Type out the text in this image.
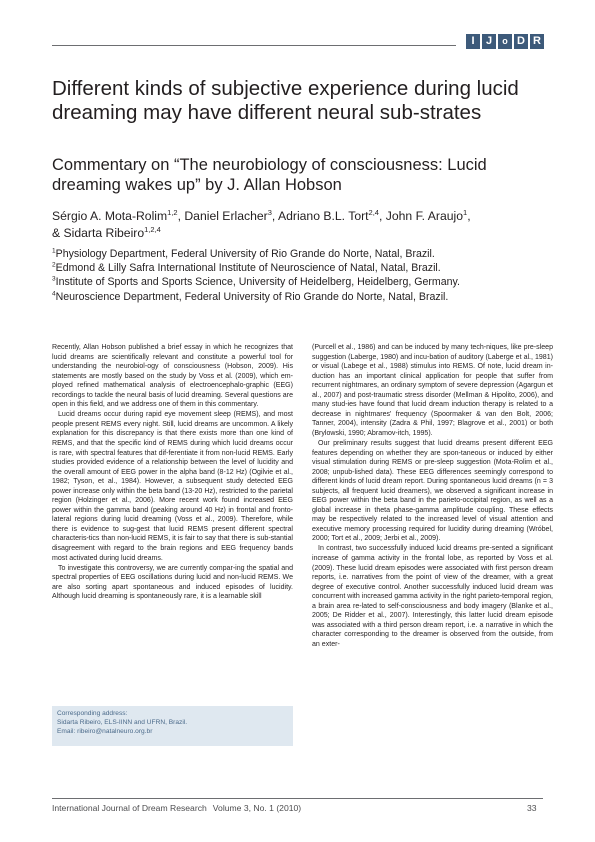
I	J	o D R
Different kinds of subjective experience during lucid dreaming may have different neural sub-strates
Commentary on “The neurobiology of consciousness: Lucid dreaming wakes up” by J. Allan Hobson

Sérgio A. Mota-Rolim$^{1,2}$, Daniel Erlacher$^3$, Adriano B.L. Tort$^{2,4}$, John F. Araujo$^1$,
& Sidarta Ribeiro$^{1,2,4}$

$^1$Physiology Department, Federal University of Rio Grande do Norte, Natal, Brazil.
$^2$Edmond & Lilly Safra International Institute of Neuroscience of Natal, Natal, Brazil.
$^3$Institute of Sports and Sports Science, University of Heidelberg, Heidelberg, Germany.
$^4$Neuroscience Department, Federal University of Rio Grande do Norte, Natal, Brazil.

Recently, Allan Hobson published a brief essay in which he recognizes that lucid dreams are scientifically relevant and constitute a powerful tool for understanding the neurobiol-ogy of consciousness (Hobson, 2009). His statements are mostly based on the study by Voss et al. (2009), which em-ployed refined mathematical analysis of electroencephalo-graphic (EEG) recordings to tackle the neural basis of lucid dreaming. Several questions are open in this field, and we address one of them in this commentary.

Lucid dreams occur during rapid eye movement sleep (REMS), and most people present REMS every night. Still, lucid dreams are uncommon. A likely explanation for this discrepancy is that there exists more than one kind of REMS, and that the specific kind of REMS during which lucid dreams occur is rare, with spectral features that dif-ferentiate it from non-lucid REMS. Early studies provided evidence of a relationship between the level of lucidity and the overall amount of EEG power in the alpha band (8-12 Hz) (Ogilvie et al., 1982; Tyson, et al., 1984). However, a subsequent study detected EEG power increase only within the beta band (13-20 Hz), restricted to the parietal region (Holzinger et al., 2006). More recent work found increased EEG power within the gamma band (peaking around 40 Hz) in frontal and fronto-lateral regions during lucid dreaming (Voss et al., 2009). Therefore, while there is evidence to sug-gest that lucid REMS present different spectral characteris-tics than non-lucid REMS, it is fair to say that there is sub-stantial disagreement with regard to the brain regions and EEG frequency bands most activated during lucid dreams.

To investigate this controversy, we are currently compar-ing the spatial and spectral properties of EEG oscillations during lucid and non-lucid REMS. We are also sorting apart spontaneous and induced episodes of lucidity. Although lucid dreaming is spontaneously rare, it is a learnable skill

Corresponding address:
Sidarta Ribeiro, ELS-IINN and UFRN, Brazil.
Email: ribeiro@natalneuro.org.br

(Purcell et al., 1986) and can be induced by many tech-niques, like pre-sleep suggestion (Laberge, 1980) and incu-bation of auditory (Laberge et al., 1981) or visual (Labege et al., 1988) stimulus into REMS. Of note, lucid dream in-duction has an important clinical application for people that suffer from recurrent nightmares, an ordinary symptom of severe depression (Agargun et al., 2007) and post-traumatic stress disorder (Mellman & Hipolito, 2006), and many stud-ies have found that lucid dream induction therapy is related to a decrease in nightmares' frequency (Spoormaker & van den Bolt, 2006; Tanner, 2004), intensity (Zadra & Phil, 1997; Blagrove et al., 2001) or both (Brylowski, 1990; Abramov-itch, 1995).

Our preliminary results suggest that lucid dreams present different EEG features depending on whether they are spon-taneous or induced by either visual stimulation during REMS or pre-sleep suggestion (Mota-Rolim et al., 2008; unpub-lished data). These EEG differences seemingly correspond to different kinds of lucid dream report. During spontaneous lucid dreams (n = 3 subjects, all frequent lucid dreamers), we observed a significant increase in EEG power within the beta band in the parieto-occipital region, as well as a global increase in theta phase-gamma amplitude coupling. These effects may be respectively related to the increased level of visual attention and executive memory processing required for lucidity during dreaming (Wróbel, 2000; Tort et al., 2009; Jerbi et al., 2009).

In contrast, two successfully induced lucid dreams pre-sented a significant increase of gamma activity in the frontal lobe, as reported by Voss et al. (2009). These lucid dream episodes were associated with first person dream reports, i.e. narratives from the point of view of the dreamer, with a great degree of executive control. Another successfully induced lucid dream was concurrent with increased gamma activity in the right parieto-temporal region, a brain area re-lated to self-consciousness and body imagery (Blanke et al., 2005; De Ridder et al., 2007). Interestingly, this latter lucid dream episode was associated with a third person dream report, i.e. a narrative in which the character corresponding to the dreamer is observed from the outside, from an exter-

International Journal of Dream Research Volume 3, No. 1 (2010)	33
